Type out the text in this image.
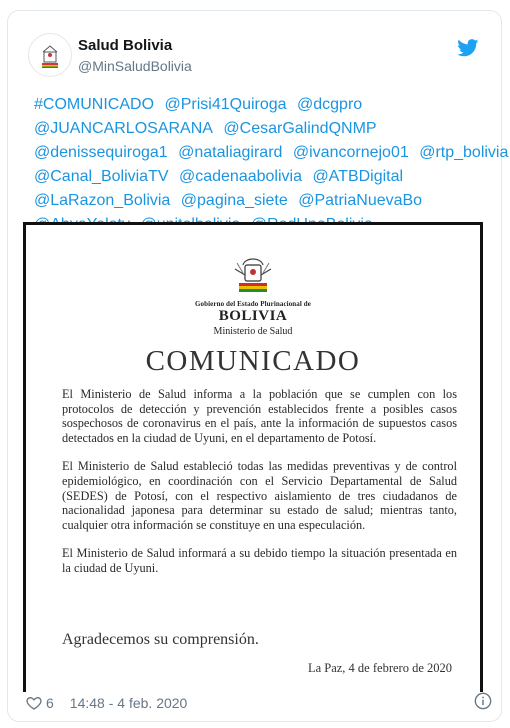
Salud Bolivia
@MinSaludBolivia
#COMUNICADO @Prisi41Quiroga @dcgpro
@JUANCARLOSARANA @CesarGalindQNMP
@denissequiroga1 @nataliagirard @ivancornejo01 @rtp_bolivia
@Canal_BoliviaTV @cadenaabolivia @ATBDigital
@LaRazon_Bolivia @pagina_siete @PatriaNuevaBo
Gobierno del Estado Plurinacional de
BOLIVIA
Ministerio de Salud
COMUNICADO

El Ministerio de Salud informa a la población que se cumplen con los protocolos de detección y prevención establecidos frente a posibles casos sospechosos de coronavirus en el país, ante la información de supuestos casos detectados en la ciudad de Uyuni, en el departamento de Potosí.

El Ministerio de Salud estableció todas las medidas preventivas y de control epidemiológico, en coordinación con el Servicio Departamental de Salud (SEDES) de Potosí, con el respectivo aislamiento de tres ciudadanos de nacionalidad japonesa para determinar su estado de salud; mientras tanto, cualquier otra información se constituye en una especulación.

El Ministerio de Salud informará a su debido tiempo la situación presentada en la ciudad de Uyuni.

Agradecemos su comprensión.
La Paz, 4 de febrero de 2020
6 14:48 - 4 feb. 2020
